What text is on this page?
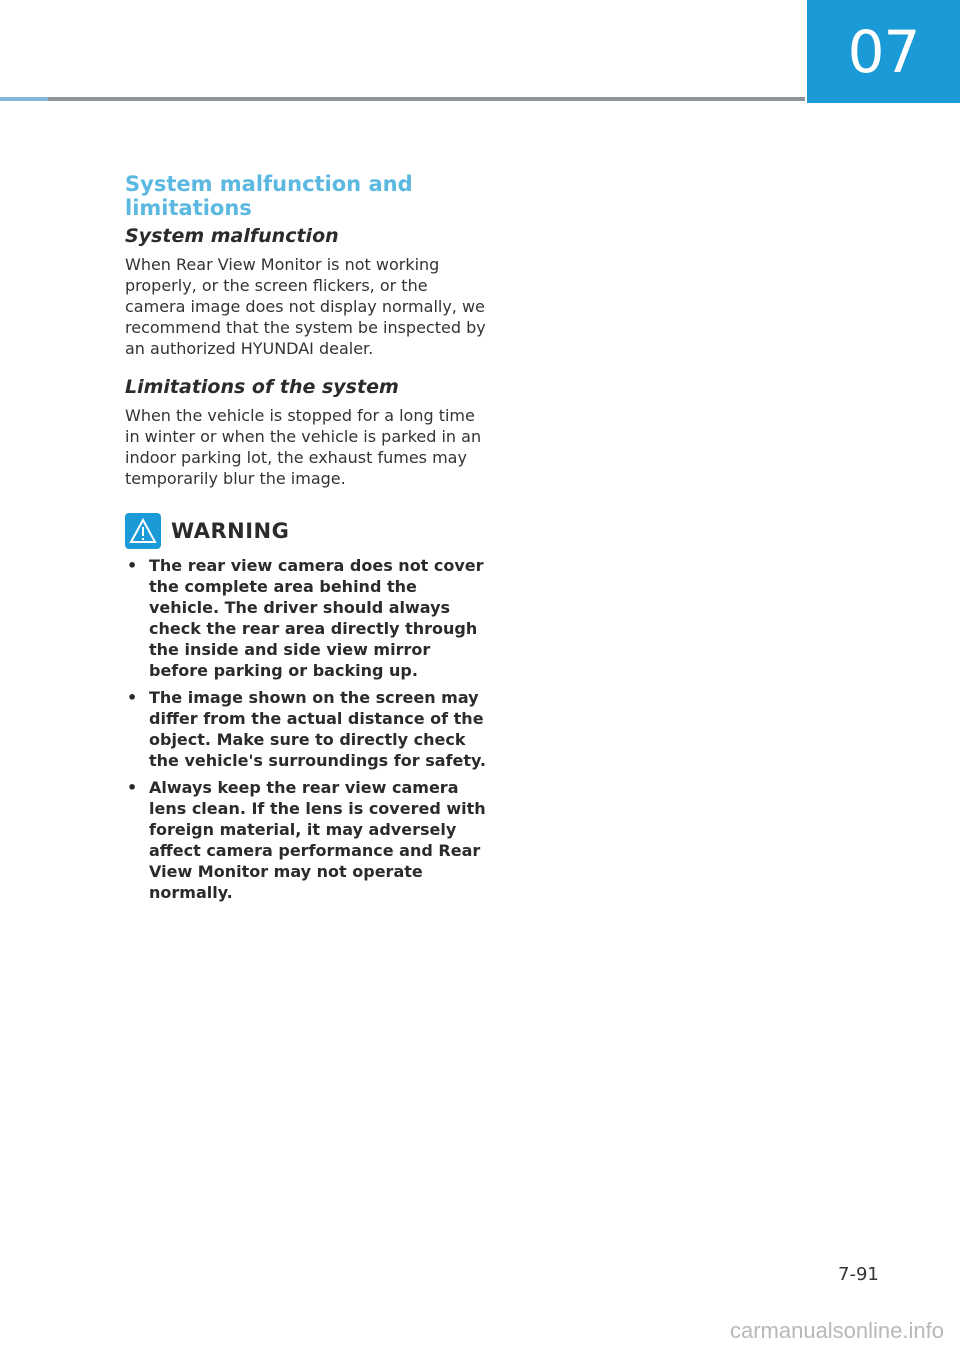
07
System malfunction and limitations
System malfunction

When Rear View Monitor is not working properly, or the screen flickers, or the camera image does not display normally, we recommend that the system be inspected by an authorized HYUNDAI dealer.

Limitations of the system

When the vehicle is stopped for a long time in winter or when the vehicle is parked in an indoor parking lot, the exhaust fumes may temporarily blur the image.

WARNING
• The rear view camera does not cover the complete area behind the vehicle. The driver should always check the rear area directly through the inside and side view mirror before parking or backing up.
• The image shown on the screen may differ from the actual distance of the object. Make sure to directly check the vehicle's surroundings for safety.
• Always keep the rear view camera lens clean. If the lens is covered with foreign material, it may adversely affect camera performance and Rear View Monitor may not operate normally.
7-91
carmanualsonline.info
